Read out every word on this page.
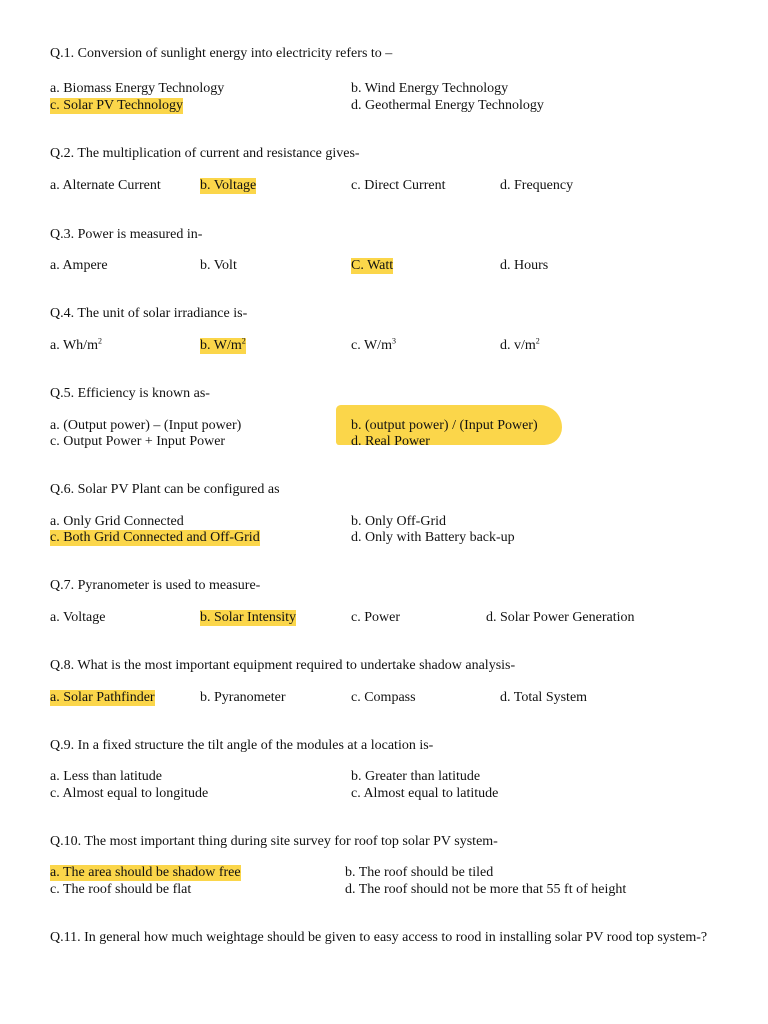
Q.1. Conversion of sunlight energy into electricity refers to –
a. Biomass Energy Technology	b. Wind Energy Technology
c. Solar PV Technology	d. Geothermal Energy Technology
Q.2. The multiplication of current and resistance gives-
a. Alternate Current	b. Voltage	c. Direct Current	d. Frequency
Q.3. Power is measured in-
a. Ampere	b. Volt	C. Watt	d. Hours
Q.4. The unit of solar irradiance is-
a. $Wh/m^2$	b. $W/m^2$	c. $W/m^3$	d. $v/m^2$
Q.5. Efficiency is known as-
a. (Output power) – (Input power)	b. (output power) / (Input Power)
c. Output Power + Input Power	d. Real Power
Q.6. Solar PV Plant can be configured as
a. Only Grid Connected	b. Only Off-Grid
c. Both Grid Connected and Off-Grid	d. Only with Battery back-up
Q.7. Pyranometer is used to measure-
a. Voltage	b. Solar Intensity	c. Power	d. Solar Power Generation
Q.8. What is the most important equipment required to undertake shadow analysis-
a. Solar Pathfinder	b. Pyranometer	c. Compass	d. Total System
Q.9. In a fixed structure the tilt angle of the modules at a location is-
a. Less than latitude	b. Greater than latitude
c. Almost equal to longitude	c. Almost equal to latitude
Q.10. The most important thing during site survey for roof top solar PV system-
a. The area should be shadow free	b. The roof should be tiled
c. The roof should be flat	d. The roof should not be more that 55 ft of height
Q.11. In general how much weightage should be given to easy access to rood in installing solar PV rood top system-?
